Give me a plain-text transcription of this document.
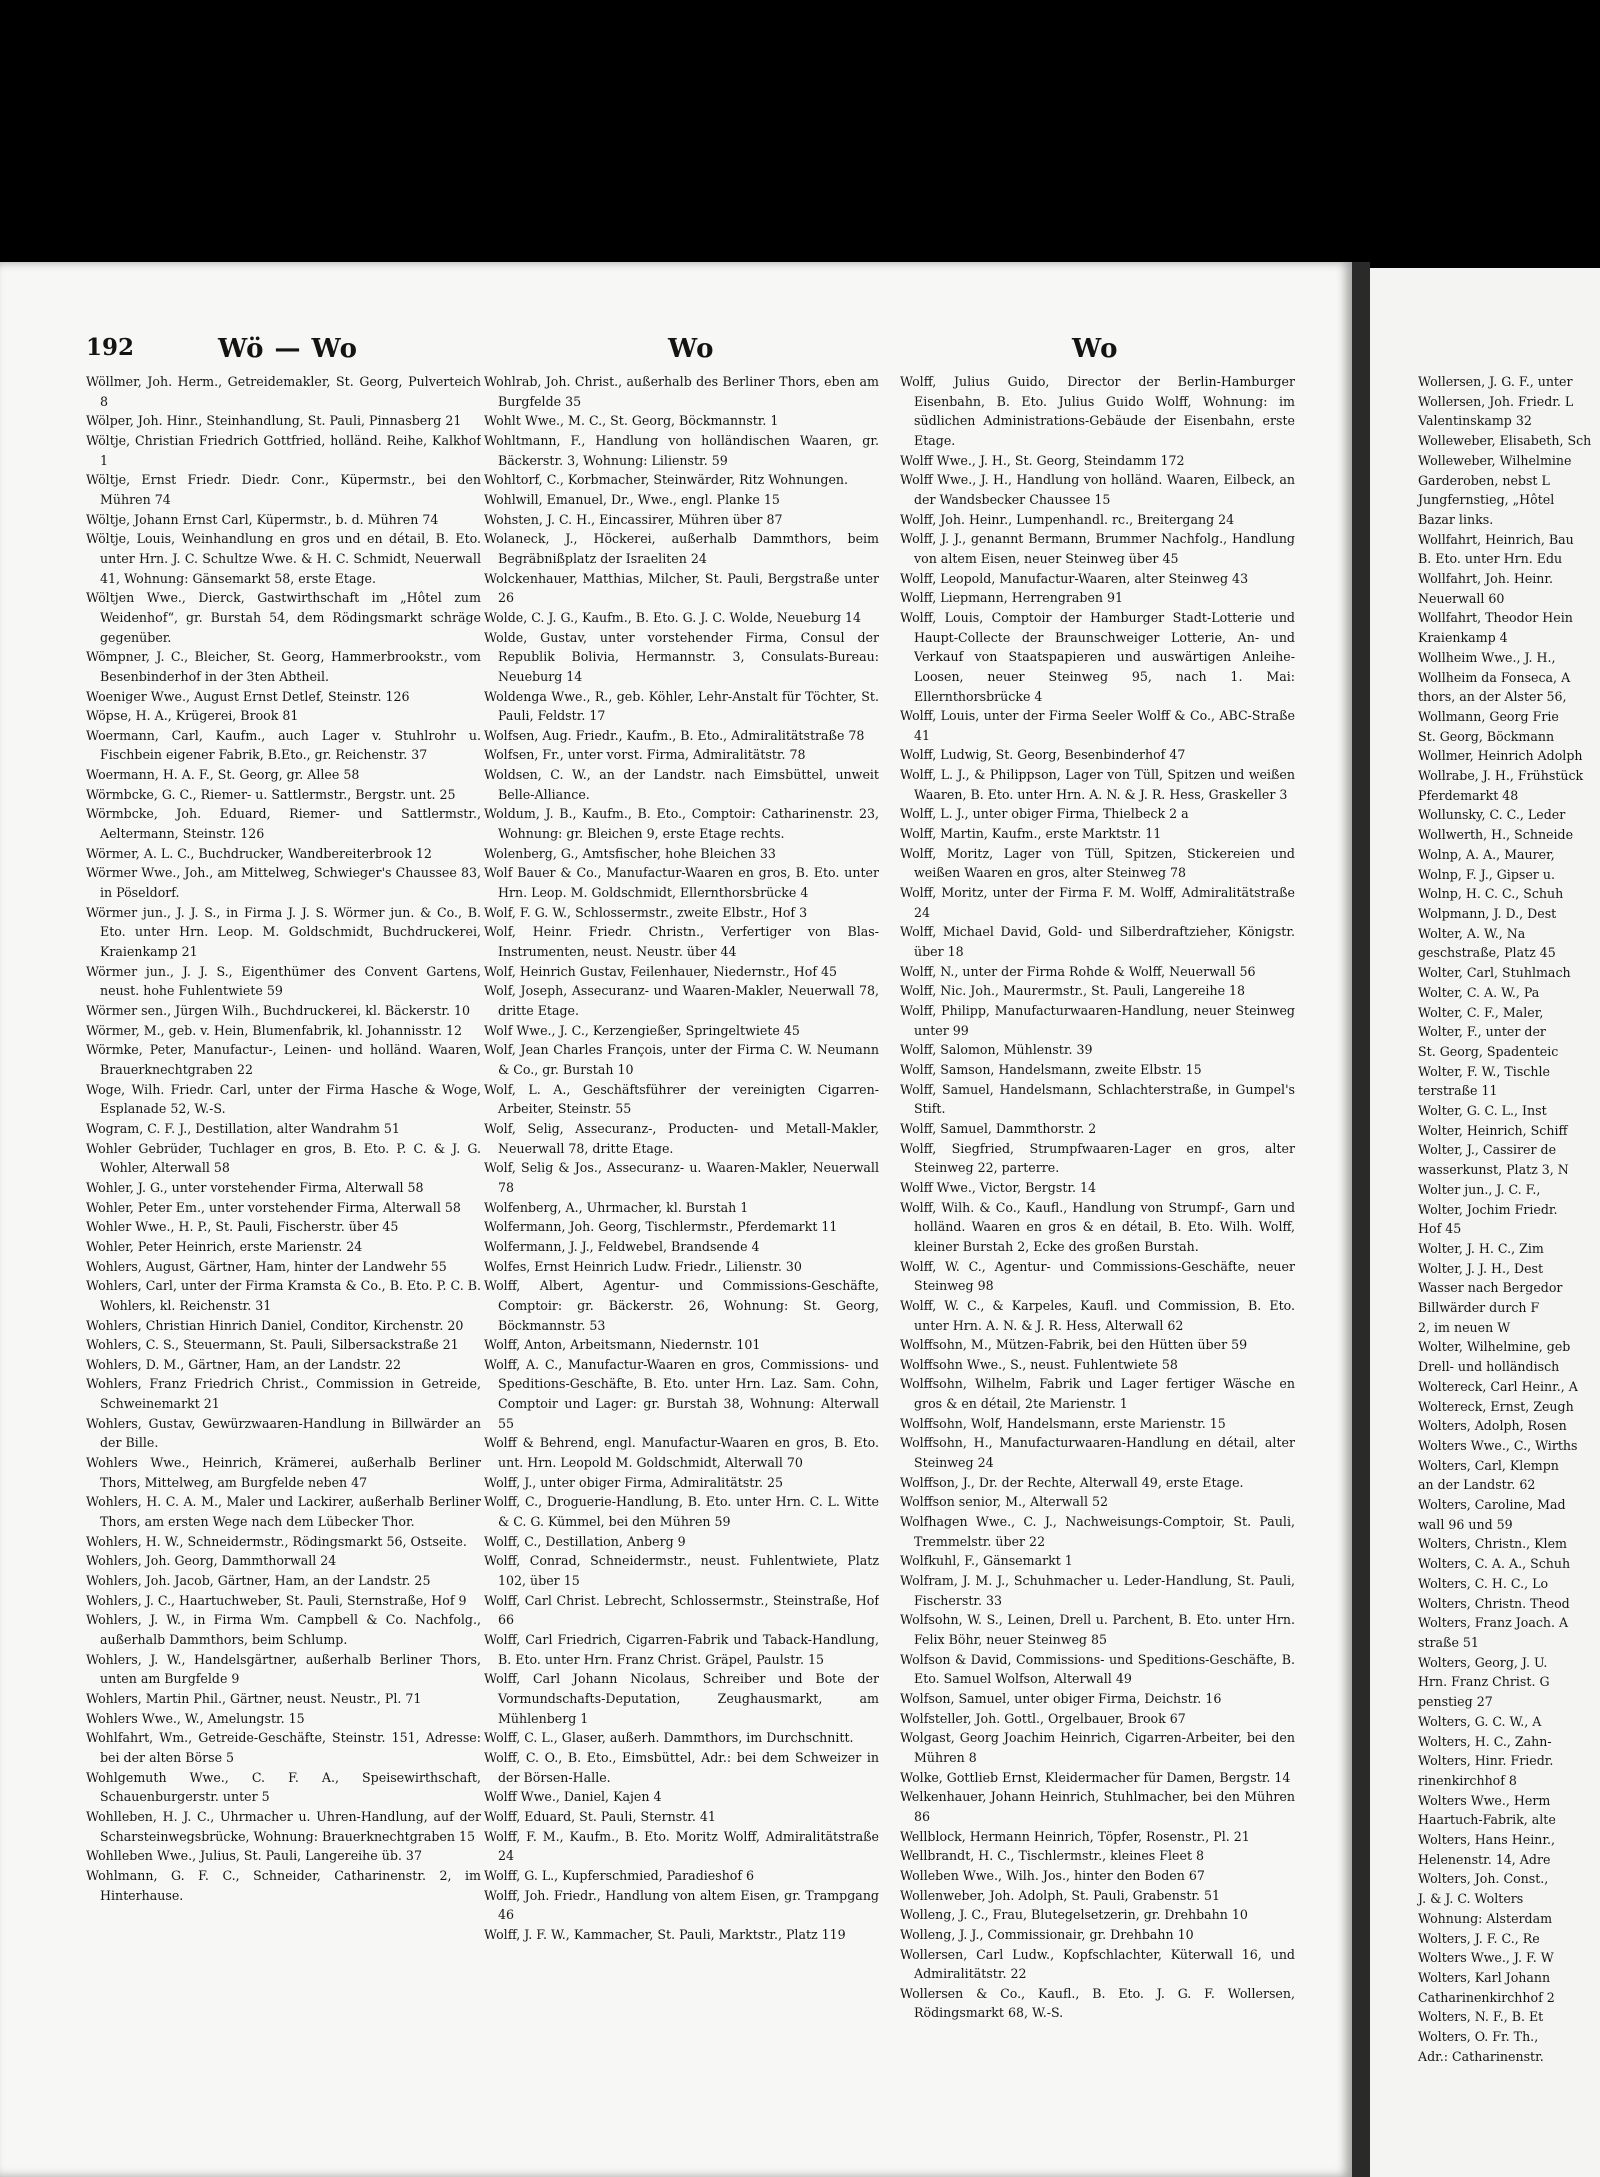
192	Wö — Wo	Wo	Wo

Wöllmer, Joh. Herm., Getreidemakler, St. Georg, Pulverteich 8

Wölper, Joh. Hinr., Steinhandlung, St. Pauli, Pinnasberg 21

Wöltje, Christian Friedrich Gottfried, holländ. Reihe, Kalkhof 1

Wöltje, Ernst Friedr. Diedr. Conr., Küpermstr., bei den Mühren 74

Wöltje, Johann Ernst Carl, Küpermstr., b. d. Mühren 74

Wöltje, Louis, Weinhandlung en gros und en détail, B. Eto. unter Hrn. J. C. Schultze Wwe. & H. C. Schmidt, Neuerwall 41, Wohnung: Gänsemarkt 58, erste Etage.

Wöltjen Wwe., Dierck, Gastwirthschaft im „Hôtel zum Weidenhof“, gr. Burstah 54, dem Rödingsmarkt schräge gegenüber.

Wömpner, J. C., Bleicher, St. Georg, Hammerbrookstr., vom Besenbinderhof in der 3ten Abtheil.

Woeniger Wwe., August Ernst Detlef, Steinstr. 126

Wöpse, H. A., Krügerei, Brook 81

Woermann, Carl, Kaufm., auch Lager v. Stuhlrohr u. Fischbein eigener Fabrik, B.Eto., gr. Reichenstr. 37

Woermann, H. A. F., St. Georg, gr. Allee 58

Wörmbcke, G. C., Riemer- u. Sattlermstr., Bergstr. unt. 25

Wörmbcke, Joh. Eduard, Riemer- und Sattlermstr., Aeltermann, Steinstr. 126

Wörmer, A. L. C., Buchdrucker, Wandbereiterbrook 12

Wörmer Wwe., Joh., am Mittelweg, Schwieger's Chaussee 83, in Pöseldorf.

Wörmer jun., J. J. S., in Firma J. J. S. Wörmer jun. & Co., B. Eto. unter Hrn. Leop. M. Goldschmidt, Buchdruckerei, Kraienkamp 21

Wörmer jun., J. J. S., Eigenthümer des Convent Gartens, neust. hohe Fuhlentwiete 59

Wörmer sen., Jürgen Wilh., Buchdruckerei, kl. Bäckerstr. 10

Wörmer, M., geb. v. Hein, Blumenfabrik, kl. Johannisstr. 12

Wörmke, Peter, Manufactur-, Leinen- und holländ. Waaren, Brauerknechtgraben 22

Woge, Wilh. Friedr. Carl, unter der Firma Hasche & Woge, Esplanade 52, W.-S.

Wogram, C. F. J., Destillation, alter Wandrahm 51

Wohler Gebrüder, Tuchlager en gros, B. Eto. P. C. & J. G. Wohler, Alterwall 58

Wohler, J. G., unter vorstehender Firma, Alterwall 58

Wohler, Peter Em., unter vorstehender Firma, Alterwall 58

Wohler Wwe., H. P., St. Pauli, Fischerstr. über 45

Wohler, Peter Heinrich, erste Marienstr. 24

Wohlers, August, Gärtner, Ham, hinter der Landwehr 55

Wohlers, Carl, unter der Firma Kramsta & Co., B. Eto. P. C. B. Wohlers, kl. Reichenstr. 31

Wohlers, Christian Hinrich Daniel, Conditor, Kirchenstr. 20

Wohlers, C. S., Steuermann, St. Pauli, Silbersackstraße 21

Wohlers, D. M., Gärtner, Ham, an der Landstr. 22

Wohlers, Franz Friedrich Christ., Commission in Getreide, Schweinemarkt 21

Wohlers, Gustav, Gewürzwaaren-Handlung in Billwärder an der Bille.

Wohlers Wwe., Heinrich, Krämerei, außerhalb Berliner Thors, Mittelweg, am Burgfelde neben 47

Wohlers, H. C. A. M., Maler und Lackirer, außerhalb Berliner Thors, am ersten Wege nach dem Lübecker Thor.

Wohlers, H. W., Schneidermstr., Rödingsmarkt 56, Ostseite.

Wohlers, Joh. Georg, Dammthorwall 24

Wohlers, Joh. Jacob, Gärtner, Ham, an der Landstr. 25

Wohlers, J. C., Haartuchweber, St. Pauli, Sternstraße, Hof 9

Wohlers, J. W., in Firma Wm. Campbell & Co. Nachfolg., außerhalb Dammthors, beim Schlump.

Wohlers, J. W., Handelsgärtner, außerhalb Berliner Thors, unten am Burgfelde 9

Wohlers, Martin Phil., Gärtner, neust. Neustr., Pl. 71

Wohlers Wwe., W., Amelungstr. 15

Wohlfahrt, Wm., Getreide-Geschäfte, Steinstr. 151, Adresse: bei der alten Börse 5

Wohlgemuth Wwe., C. F. A., Speisewirthschaft, Schauenburgerstr. unter 5

Wohlleben, H. J. C., Uhrmacher u. Uhren-Handlung, auf der Scharsteinwegsbrücke, Wohnung: Brauerknechtgraben 15

Wohlleben Wwe., Julius, St. Pauli, Langereihe üb. 37

Wohlmann, G. F. C., Schneider, Catharinenstr. 2, im Hinterhause.

Wohlrab, Joh. Christ., außerhalb des Berliner Thors, eben am Burgfelde 35

Wohlt Wwe., M. C., St. Georg, Böckmannstr. 1

Wohltmann, F., Handlung von holländischen Waaren, gr. Bäckerstr. 3, Wohnung: Lilienstr. 59

Wohltorf, C., Korbmacher, Steinwärder, Ritz Wohnungen.

Wohlwill, Emanuel, Dr., Wwe., engl. Planke 15

Wohsten, J. C. H., Eincassirer, Mühren über 87

Wolaneck, J., Höckerei, außerhalb Dammthors, beim Begräbnißplatz der Israeliten 24

Wolckenhauer, Matthias, Milcher, St. Pauli, Bergstraße unter 26

Wolde, C. J. G., Kaufm., B. Eto. G. J. C. Wolde, Neueburg 14

Wolde, Gustav, unter vorstehender Firma, Consul der Republik Bolivia, Hermannstr. 3, Consulats-Bureau: Neueburg 14

Woldenga Wwe., R., geb. Köhler, Lehr-Anstalt für Töchter, St. Pauli, Feldstr. 17

Wolfsen, Aug. Friedr., Kaufm., B. Eto., Admiralitätstraße 78

Wolfsen, Fr., unter vorst. Firma, Admiralitätstr. 78

Woldsen, C. W., an der Landstr. nach Eimsbüttel, unweit Belle-Alliance.

Woldum, J. B., Kaufm., B. Eto., Comptoir: Catharinenstr. 23, Wohnung: gr. Bleichen 9, erste Etage rechts.

Wolenberg, G., Amtsfischer, hohe Bleichen 33

Wolf Bauer & Co., Manufactur-Waaren en gros, B. Eto. unter Hrn. Leop. M. Goldschmidt, Ellernthorsbrücke 4

Wolf, F. G. W., Schlossermstr., zweite Elbstr., Hof 3

Wolf, Heinr. Friedr. Christn., Verfertiger von Blas-Instrumenten, neust. Neustr. über 44

Wolf, Heinrich Gustav, Feilenhauer, Niedernstr., Hof 45

Wolf, Joseph, Assecuranz- und Waaren-Makler, Neuerwall 78, dritte Etage.

Wolf Wwe., J. C., Kerzengießer, Springeltwiete 45

Wolf, Jean Charles François, unter der Firma C. W. Neumann & Co., gr. Burstah 10

Wolf, L. A., Geschäftsführer der vereinigten Cigarren-Arbeiter, Steinstr. 55

Wolf, Selig, Assecuranz-, Producten- und Metall-Makler, Neuerwall 78, dritte Etage.

Wolf, Selig & Jos., Assecuranz- u. Waaren-Makler, Neuerwall 78

Wolfenberg, A., Uhrmacher, kl. Burstah 1

Wolfermann, Joh. Georg, Tischlermstr., Pferdemarkt 11

Wolfermann, J. J., Feldwebel, Brandsende 4

Wolfes, Ernst Heinrich Ludw. Friedr., Lilienstr. 30

Wolff, Albert, Agentur- und Commissions-Geschäfte, Comptoir: gr. Bäckerstr. 26, Wohnung: St. Georg, Böckmannstr. 53

Wolff, Anton, Arbeitsmann, Niedernstr. 101

Wolff, A. C., Manufactur-Waaren en gros, Commissions- und Speditions-Geschäfte, B. Eto. unter Hrn. Laz. Sam. Cohn, Comptoir und Lager: gr. Burstah 38, Wohnung: Alterwall 55

Wolff & Behrend, engl. Manufactur-Waaren en gros, B. Eto. unt. Hrn. Leopold M. Goldschmidt, Alterwall 70

Wolff, J., unter obiger Firma, Admiralitätstr. 25

Wolff, C., Droguerie-Handlung, B. Eto. unter Hrn. C. L. Witte & C. G. Kümmel, bei den Mühren 59

Wolff, C., Destillation, Anberg 9

Wolff, Conrad, Schneidermstr., neust. Fuhlentwiete, Platz 102, über 15

Wolff, Carl Christ. Lebrecht, Schlossermstr., Steinstraße, Hof 66

Wolff, Carl Friedrich, Cigarren-Fabrik und Taback-Handlung, B. Eto. unter Hrn. Franz Christ. Gräpel, Paulstr. 15

Wolff, Carl Johann Nicolaus, Schreiber und Bote der Vormundschafts-Deputation, Zeughausmarkt, am Mühlenberg 1

Wolff, C. L., Glaser, außerh. Dammthors, im Durchschnitt.

Wolff, C. O., B. Eto., Eimsbüttel, Adr.: bei dem Schweizer in der Börsen-Halle.

Wolff Wwe., Daniel, Kajen 4

Wolff, Eduard, St. Pauli, Sternstr. 41

Wolff, F. M., Kaufm., B. Eto. Moritz Wolff, Admiralitätstraße 24

Wolff, G. L., Kupferschmied, Paradieshof 6

Wolff, Joh. Friedr., Handlung von altem Eisen, gr. Trampgang 46

Wolff, J. F. W., Kammacher, St. Pauli, Marktstr., Platz 119

Wolff, Julius Guido, Director der Berlin-Hamburger Eisenbahn, B. Eto. Julius Guido Wolff, Wohnung: im südlichen Administrations-Gebäude der Eisenbahn, erste Etage.

Wolff Wwe., J. H., St. Georg, Steindamm 172

Wolff Wwe., J. H., Handlung von holländ. Waaren, Eilbeck, an der Wandsbecker Chaussee 15

Wolff, Joh. Heinr., Lumpenhandl. rc., Breitergang 24

Wolff, J. J., genannt Bermann, Brummer Nachfolg., Handlung von altem Eisen, neuer Steinweg über 45

Wolff, Leopold, Manufactur-Waaren, alter Steinweg 43

Wolff, Liepmann, Herrengraben 91

Wolff, Louis, Comptoir der Hamburger Stadt-Lotterie und Haupt-Collecte der Braunschweiger Lotterie, An- und Verkauf von Staatspapieren und auswärtigen Anleihe-Loosen, neuer Steinweg 95, nach 1. Mai: Ellernthorsbrücke 4

Wolff, Louis, unter der Firma Seeler Wolff & Co., ABC-Straße 41

Wolff, Ludwig, St. Georg, Besenbinderhof 47

Wolff, L. J., & Philippson, Lager von Tüll, Spitzen und weißen Waaren, B. Eto. unter Hrn. A. N. & J. R. Hess, Graskeller 3

Wolff, L. J., unter obiger Firma, Thielbeck 2 a

Wolff, Martin, Kaufm., erste Marktstr. 11

Wolff, Moritz, Lager von Tüll, Spitzen, Stickereien und weißen Waaren en gros, alter Steinweg 78

Wolff, Moritz, unter der Firma F. M. Wolff, Admiralitätstraße 24

Wolff, Michael David, Gold- und Silberdraftzieher, Königstr. über 18

Wolff, N., unter der Firma Rohde & Wolff, Neuerwall 56

Wolff, Nic. Joh., Maurermstr., St. Pauli, Langereihe 18

Wolff, Philipp, Manufacturwaaren-Handlung, neuer Steinweg unter 99

Wolff, Salomon, Mühlenstr. 39

Wolff, Samson, Handelsmann, zweite Elbstr. 15

Wolff, Samuel, Handelsmann, Schlachterstraße, in Gumpel's Stift.

Wolff, Samuel, Dammthorstr. 2

Wolff, Siegfried, Strumpfwaaren-Lager en gros, alter Steinweg 22, parterre.

Wolff Wwe., Victor, Bergstr. 14

Wolff, Wilh. & Co., Kaufl., Handlung von Strumpf-, Garn und holländ. Waaren en gros & en détail, B. Eto. Wilh. Wolff, kleiner Burstah 2, Ecke des großen Burstah.

Wolff, W. C., Agentur- und Commissions-Geschäfte, neuer Steinweg 98

Wolff, W. C., & Karpeles, Kaufl. und Commission, B. Eto. unter Hrn. A. N. & J. R. Hess, Alterwall 62

Wolffsohn, M., Mützen-Fabrik, bei den Hütten über 59

Wolffsohn Wwe., S., neust. Fuhlentwiete 58

Wolffsohn, Wilhelm, Fabrik und Lager fertiger Wäsche en gros & en détail, 2te Marienstr. 1

Wolffsohn, Wolf, Handelsmann, erste Marienstr. 15

Wolffsohn, H., Manufacturwaaren-Handlung en détail, alter Steinweg 24

Wolffson, J., Dr. der Rechte, Alterwall 49, erste Etage.

Wolffson senior, M., Alterwall 52

Wolfhagen Wwe., C. J., Nachweisungs-Comptoir, St. Pauli, Tremmelstr. über 22

Wolfkuhl, F., Gänsemarkt 1

Wolfram, J. M. J., Schuhmacher u. Leder-Handlung, St. Pauli, Fischerstr. 33

Wolfsohn, W. S., Leinen, Drell u. Parchent, B. Eto. unter Hrn. Felix Böhr, neuer Steinweg 85

Wolfson & David, Commissions- und Speditions-Geschäfte, B. Eto. Samuel Wolfson, Alterwall 49

Wolfson, Samuel, unter obiger Firma, Deichstr. 16

Wolfsteller, Joh. Gottl., Orgelbauer, Brook 67

Wolgast, Georg Joachim Heinrich, Cigarren-Arbeiter, bei den Mühren 8

Wolke, Gottlieb Ernst, Kleidermacher für Damen, Bergstr. 14

Welkenhauer, Johann Heinrich, Stuhlmacher, bei den Mühren 86

Wellblock, Hermann Heinrich, Töpfer, Rosenstr., Pl. 21

Wellbrandt, H. C., Tischlermstr., kleines Fleet 8

Wolleben Wwe., Wilh. Jos., hinter den Boden 67

Wollenweber, Joh. Adolph, St. Pauli, Grabenstr. 51

Wolleng, J. C., Frau, Blutegelsetzerin, gr. Drehbahn 10

Wolleng, J. J., Commissionair, gr. Drehbahn 10

Wollersen, Carl Ludw., Kopfschlachter, Küterwall 16, und Admiralitätstr. 22

Wollersen & Co., Kaufl., B. Eto. J. G. F. Wollersen, Rödingsmarkt 68, W.-S.

Wollersen, J. G. F., unter

Wollersen, Joh. Friedr. L

Valentinskamp 32

Wolleweber, Elisabeth, Sch

Wolleweber, Wilhelmine

Garderoben, nebst L

Jungfernstieg, „Hôtel

Bazar links.

Wollfahrt, Heinrich, Bau

B. Eto. unter Hrn. Edu

Wollfahrt, Joh. Heinr.

Neuerwall 60

Wollfahrt, Theodor Hein

Kraienkamp 4

Wollheim Wwe., J. H.,

Wollheim da Fonseca, A

thors, an der Alster 56,

Wollmann, Georg Frie

St. Georg, Böckmann

Wollmer, Heinrich Adolph

Wollrabe, J. H., Frühstück

Pferdemarkt 48

Wollunsky, C. C., Leder

Wollwerth, H., Schneide

Wolnp, A. A., Maurer,

Wolnp, F. J., Gipser u.

Wolnp, H. C. C., Schuh

Wolpmann, J. D., Dest

Wolter, A. W., Na

geschstraße, Platz 45

Wolter, Carl, Stuhlmach

Wolter, C. A. W., Pa

Wolter, C. F., Maler,

Wolter, F., unter der

St. Georg, Spadenteic

Wolter, F. W., Tischle

terstraße 11

Wolter, G. C. L., Inst

Wolter, Heinrich, Schiff

Wolter, J., Cassirer de

wasserkunst, Platz 3, N

Wolter jun., J. C. F.,

Wolter, Jochim Friedr.

Hof 45

Wolter, J. H. C., Zim

Wolter, J. J. H., Dest

Wasser nach Bergedor

Billwärder durch F

2, im neuen W

Wolter, Wilhelmine, geb

Drell- und holländisch

Woltereck, Carl Heinr., A

Woltereck, Ernst, Zeugh

Wolters, Adolph, Rosen

Wolters Wwe., C., Wirths

Wolters, Carl, Klempn

an der Landstr. 62

Wolters, Caroline, Mad

wall 96 und 59

Wolters, Christn., Klem

Wolters, C. A. A., Schuh

Wolters, C. H. C., Lo

Wolters, Christn. Theod

Wolters, Franz Joach. A

straße 51

Wolters, Georg, J. U.

Hrn. Franz Christ. G

penstieg 27

Wolters, G. C. W., A

Wolters, H. C., Zahn-

Wolters, Hinr. Friedr.

rinenkirchhof 8

Wolters Wwe., Herm

Haartuch-Fabrik, alte

Wolters, Hans Heinr.,

Helenenstr. 14, Adre

Wolters, Joh. Const.,

J. & J. C. Wolters

Wohnung: Alsterdam

Wolters, J. F. C., Re

Wolters Wwe., J. F. W

Wolters, Karl Johann

Catharinenkirchhof 2

Wolters, N. F., B. Et

Wolters, O. Fr. Th.,

Adr.: Catharinenstr.
